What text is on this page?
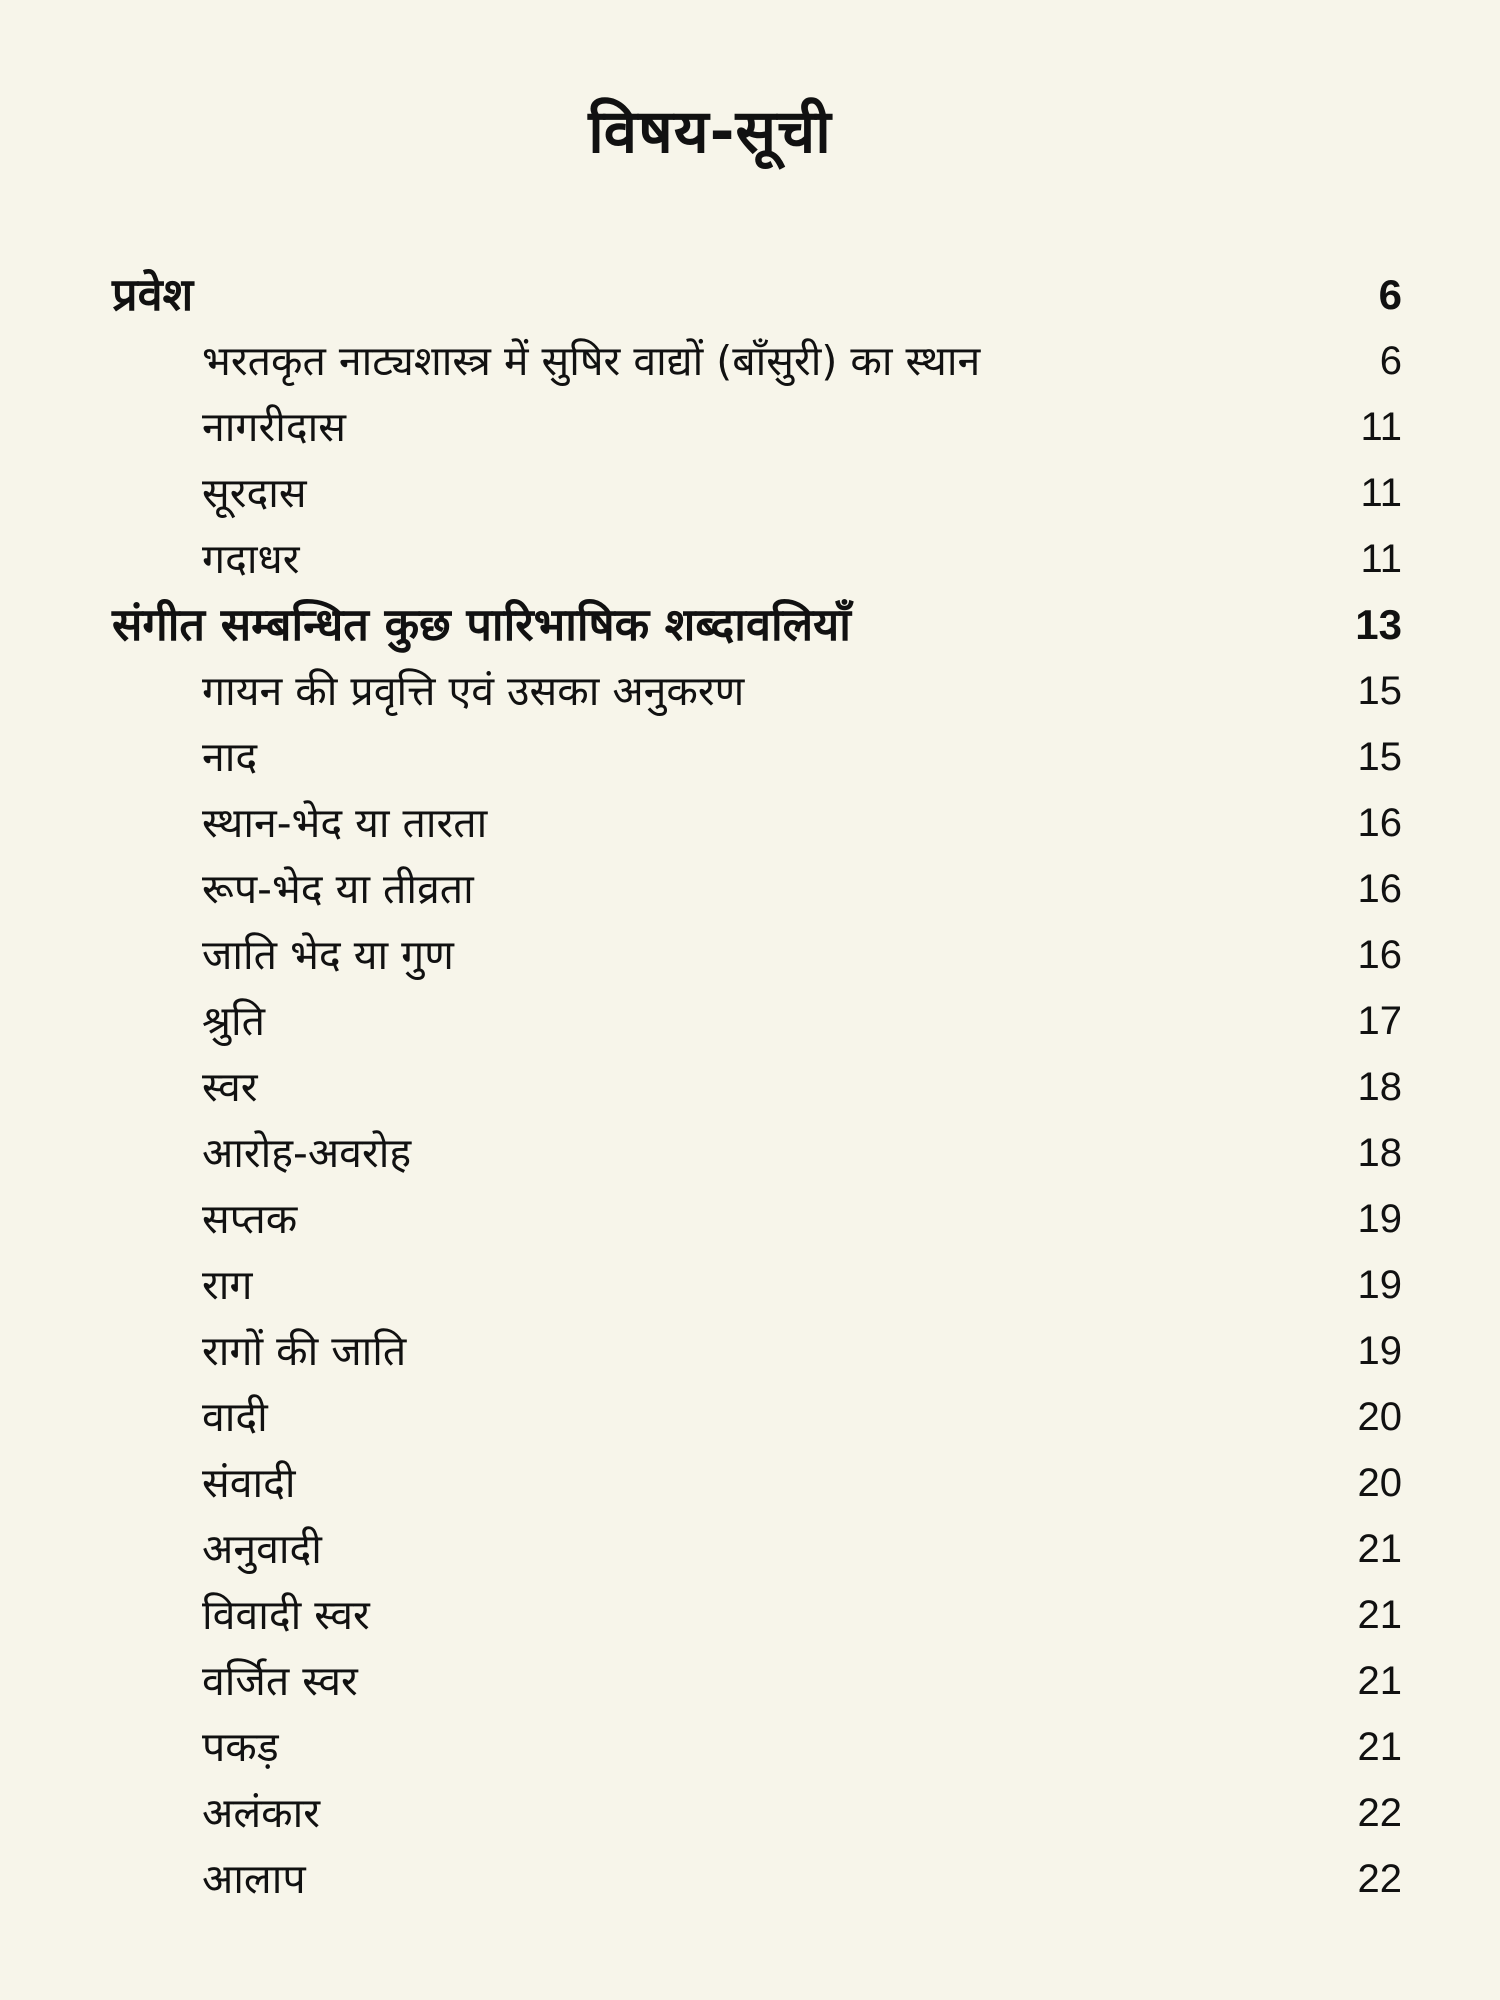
विषय-सूची
प्रवेश	6
भरतकृत नाट्यशास्त्र में सुषिर वाद्यों (बाँसुरी) का स्थान	6
नागरीदास	11
सूरदास	11
गदाधर	11
संगीत सम्बन्धित कुछ पारिभाषिक शब्दावलियाँ	13
गायन की प्रवृत्ति एवं उसका अनुकरण	15
नाद	15
स्थान-भेद या तारता	16
रूप-भेद या तीव्रता	16
जाति भेद या गुण	16
श्रुति	17
स्वर	18
आरोह-अवरोह	18
सप्तक	19
राग	19
रागों की जाति	19
वादी	20
संवादी	20
अनुवादी	21
विवादी स्वर	21
वर्जित स्वर	21
पकड़	21
अलंकार	22
आलाप	22
